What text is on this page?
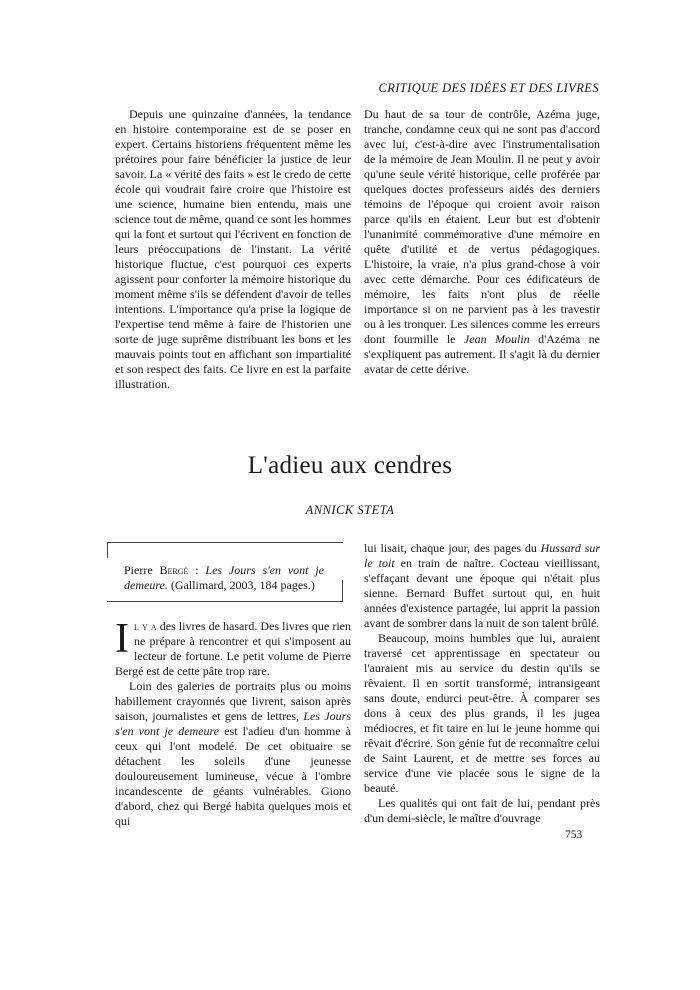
CRITIQUE DES IDÉES ET DES LIVRES

Depuis une quinzaine d'années, la tendance en histoire contemporaine est de se poser en expert. Certains historiens fréquentent même les prétoires pour faire bénéficier la justice de leur savoir. La « vérité des faits » est le credo de cette école qui voudrait faire croire que l'histoire est une science, humaine bien entendu, mais une science tout de même, quand ce sont les hommes qui la font et surtout qui l'écrivent en fonction de leurs préoccupations de l'instant. La vérité historique fluctue, c'est pourquoi ces experts agissent pour conforter la mémoire historique du moment même s'ils se défendent d'avoir de telles intentions. L'importance qu'a prise la logique de l'expertise tend même à faire de l'historien une sorte de juge suprême distribuant les bons et les mauvais points tout en affichant son impartialité et son respect des faits. Ce livre en est la parfaite illustration.

Du haut de sa tour de contrôle, Azéma juge, tranche, condamne ceux qui ne sont pas d'accord avec lui, c'est-à-dire avec l'instrumentalisation de la mémoire de Jean Moulin. Il ne peut y avoir qu'une seule vérité historique, celle proférée par quelques doctes professeurs aidés des derniers témoins de l'époque qui croient avoir raison parce qu'ils en étaient. Leur but est d'obtenir l'unanimité commémorative d'une mémoire en quête d'utilité et de vertus pédagogiques. L'histoire, la vraie, n'a plus grand-chose à voir avec cette démarche. Pour ces édificateurs de mémoire, les faits n'ont plus de réelle importance si on ne parvient pas à les travestir ou à les tronquer. Les silences comme les erreurs dont fourmille le Jean Moulin d'Azéma ne s'expliquent pas autrement. Il s'agit là du dernier avatar de cette dérive.

L'adieu aux cendres
ANNICK STETA
Pierre Bergé : Les Jours s'en vont je demeure. (Gallimard, 2003, 184 pages.)

Il y a des livres de hasard. Des livres que rien ne prépare à rencontrer et qui s'imposent au lecteur de fortune. Le petit volume de Pierre Bergé est de cette pâte trop rare.

Loin des galeries de portraits plus ou moins habillement crayonnés que livrent, saison après saison, journalistes et gens de lettres, Les Jours s'en vont je demeure est l'adieu d'un homme à ceux qui l'ont modelé. De cet obituaire se détachent les soleils d'une jeunesse douloureusement lumineuse, vécue à l'ombre incandescente de géants vulnérables. Giono d'abord, chez qui Bergé habita quelques mois et qui

lui lisait, chaque jour, des pages du Hussard sur le toit en train de naître. Cocteau vieillissant, s'effaçant devant une époque qui n'était plus sienne. Bernard Buffet surtout qui, en huit années d'existence partagée, lui apprit la passion avant de sombrer dans la nuit de son talent brûlé.

Beaucoup, moins humbles que lui, auraient traversé cet apprentissage en spectateur ou l'auraient mis au service du destin qu'ils se rêvaient. Il en sortit transformé, intransigeant sans doute, endurci peut-être. À comparer ses dons à ceux des plus grands, il les jugea médiocres, et fit taire en lui le jeune homme qui rêvait d'écrire. Son génie fut de reconnaître celui de Saint Laurent, et de mettre ses forces au service d'une vie placée sous le signe de la beauté.

Les qualités qui ont fait de lui, pendant près d'un demi-siècle, le maître d'ouvrage

753
